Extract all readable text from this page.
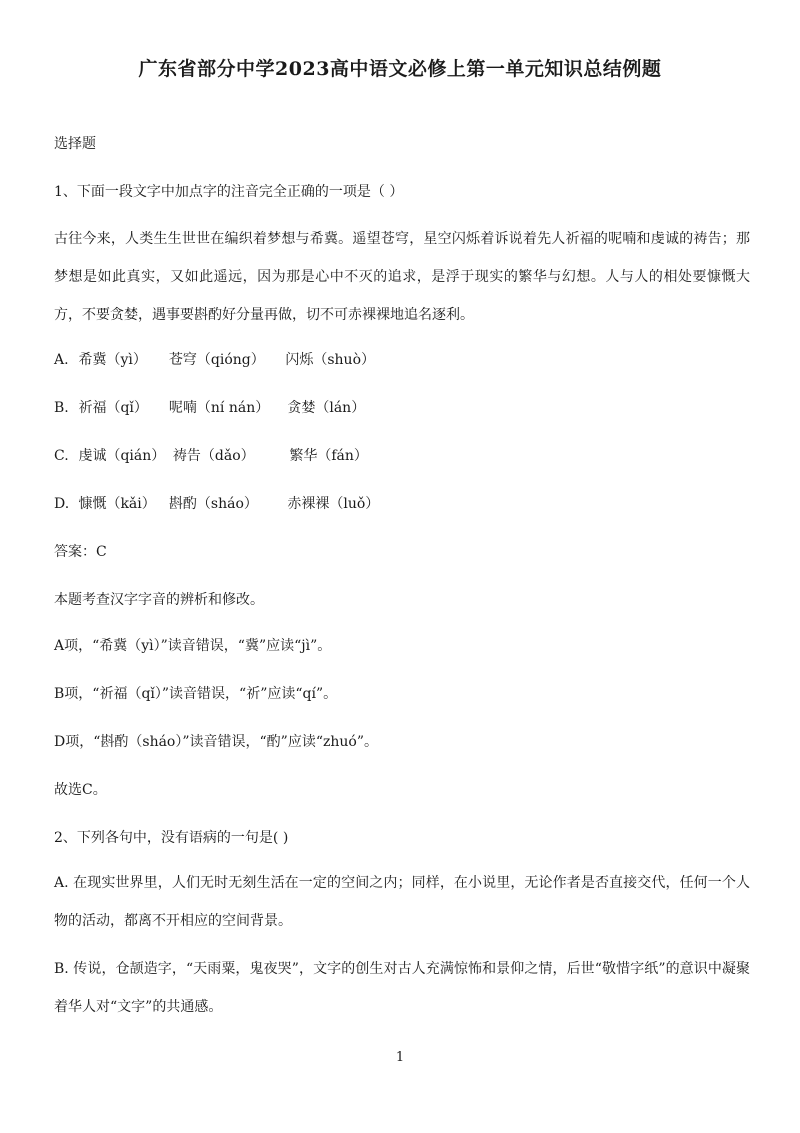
广东省部分中学2023高中语文必修上第一单元知识总结例题
选择题
1、下面一段文字中加点字的注音完全正确的一项是（ ）
古往今来，人类生生世世在编织着梦想与希冀。遥望苍穹，星空闪烁着诉说着先人祈福的呢喃和虔诚的祷告；那梦想是如此真实，又如此遥远，因为那是心中不灭的追求，是浮于现实的繁华与幻想。人与人的相处要慷慨大方，不要贪婪，遇事要斟酌好分量再做，切不可赤裸裸地追名逐利。
A. 希冀（yì） 苍穹（qióng） 闪烁（shuò）
B. 祈福（qǐ） 呢喃（ní nán） 贪婪（lán）
C. 虔诚（qián） 祷告（dǎo） 繁华（fán）
D. 慷慨（kǎi） 斟酌（sháo） 赤裸裸（luǒ）
答案：C
本题考查汉字字音的辨析和修改。
A项，“希冀（yì）”读音错误，“冀”应读“jì”。
B项，“祈福（qǐ）”读音错误，“祈”应读“qí”。
D项，“斟酌（sháo）”读音错误，“酌”应读“zhuó”。
故选C。
2、下列各句中，没有语病的一句是( )
A. 在现实世界里，人们无时无刻生活在一定的空间之内；同样，在小说里，无论作者是否直接交代，任何一个人物的活动，都离不开相应的空间背景。
B. 传说，仓颉造字，“天雨粟，鬼夜哭”，文字的创生对古人充满惊怖和景仰之情，后世“敬惜字纸”的意识中凝聚着华人对“文字”的共通感。
1
